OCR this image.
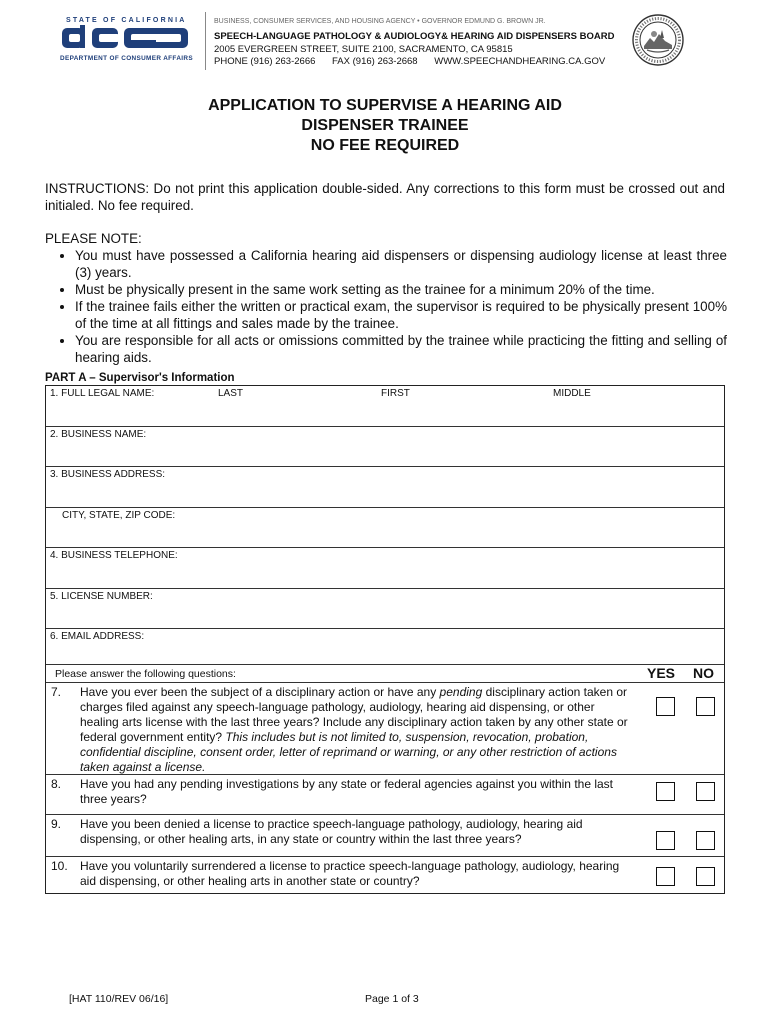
STATE OF CALIFORNIA
DEPARTMENT OF CONSUMER AFFAIRS
BUSINESS, CONSUMER SERVICES, AND HOUSING AGENCY • GOVERNOR EDMUND G. BROWN JR.
SPEECH-LANGUAGE PATHOLOGY & AUDIOLOGY& HEARING AID DISPENSERS BOARD
2005 EVERGREEN STREET, SUITE 2100, SACRAMENTO, CA 95815
PHONE (916) 263-2666 FAX (916) 263-2668 WWW.SPEECHANDHEARING.CA.GOV
APPLICATION TO SUPERVISE A HEARING AID
DISPENSER TRAINEE
NO FEE REQUIRED
INSTRUCTIONS: Do not print this application double-sided. Any corrections to this form must be crossed out and initialed. No fee required.

PLEASE NOTE:

• You must have possessed a California hearing aid dispensers or dispensing audiology license at least three (3) years.
• Must be physically present in the same work setting as the trainee for a minimum 20% of the time.
• If the trainee fails either the written or practical exam, the supervisor is required to be physically present 100% of the time at all fittings and sales made by the trainee.
• You are responsible for all acts or omissions committed by the trainee while practicing the fitting and selling of hearing aids.
PART A – Supervisor's Information
1. FULL LEGAL NAME:	LAST	FIRST	MIDDLE
2. BUSINESS NAME:
3. BUSINESS ADDRESS:
CITY, STATE, ZIP CODE:
4. BUSINESS TELEPHONE:
5. LICENSE NUMBER:
6. EMAIL ADDRESS:
Please answer the following questions:	YES NO
7. Have you ever been the subject of a disciplinary action or have any pending disciplinary action taken or charges filed against any speech-language pathology, audiology, hearing aid dispensing, or other healing arts license with the last three years? Include any disciplinary action taken by any other state or federal government entity? This includes but is not limited to, suspension, revocation, probation, confidential discipline, consent order, letter of reprimand or warning, or any other restriction of actions taken against a license.
8. Have you had any pending investigations by any state or federal agencies against you within the last three years?
9. Have you been denied a license to practice speech-language pathology, audiology, hearing aid dispensing, or other healing arts, in any state or country within the last three years?
10. Have you voluntarily surrendered a license to practice speech-language pathology, audiology, hearing aid dispensing, or other healing arts in another state or country?
[HAT 110/REV 06/16]	Page 1 of 3
